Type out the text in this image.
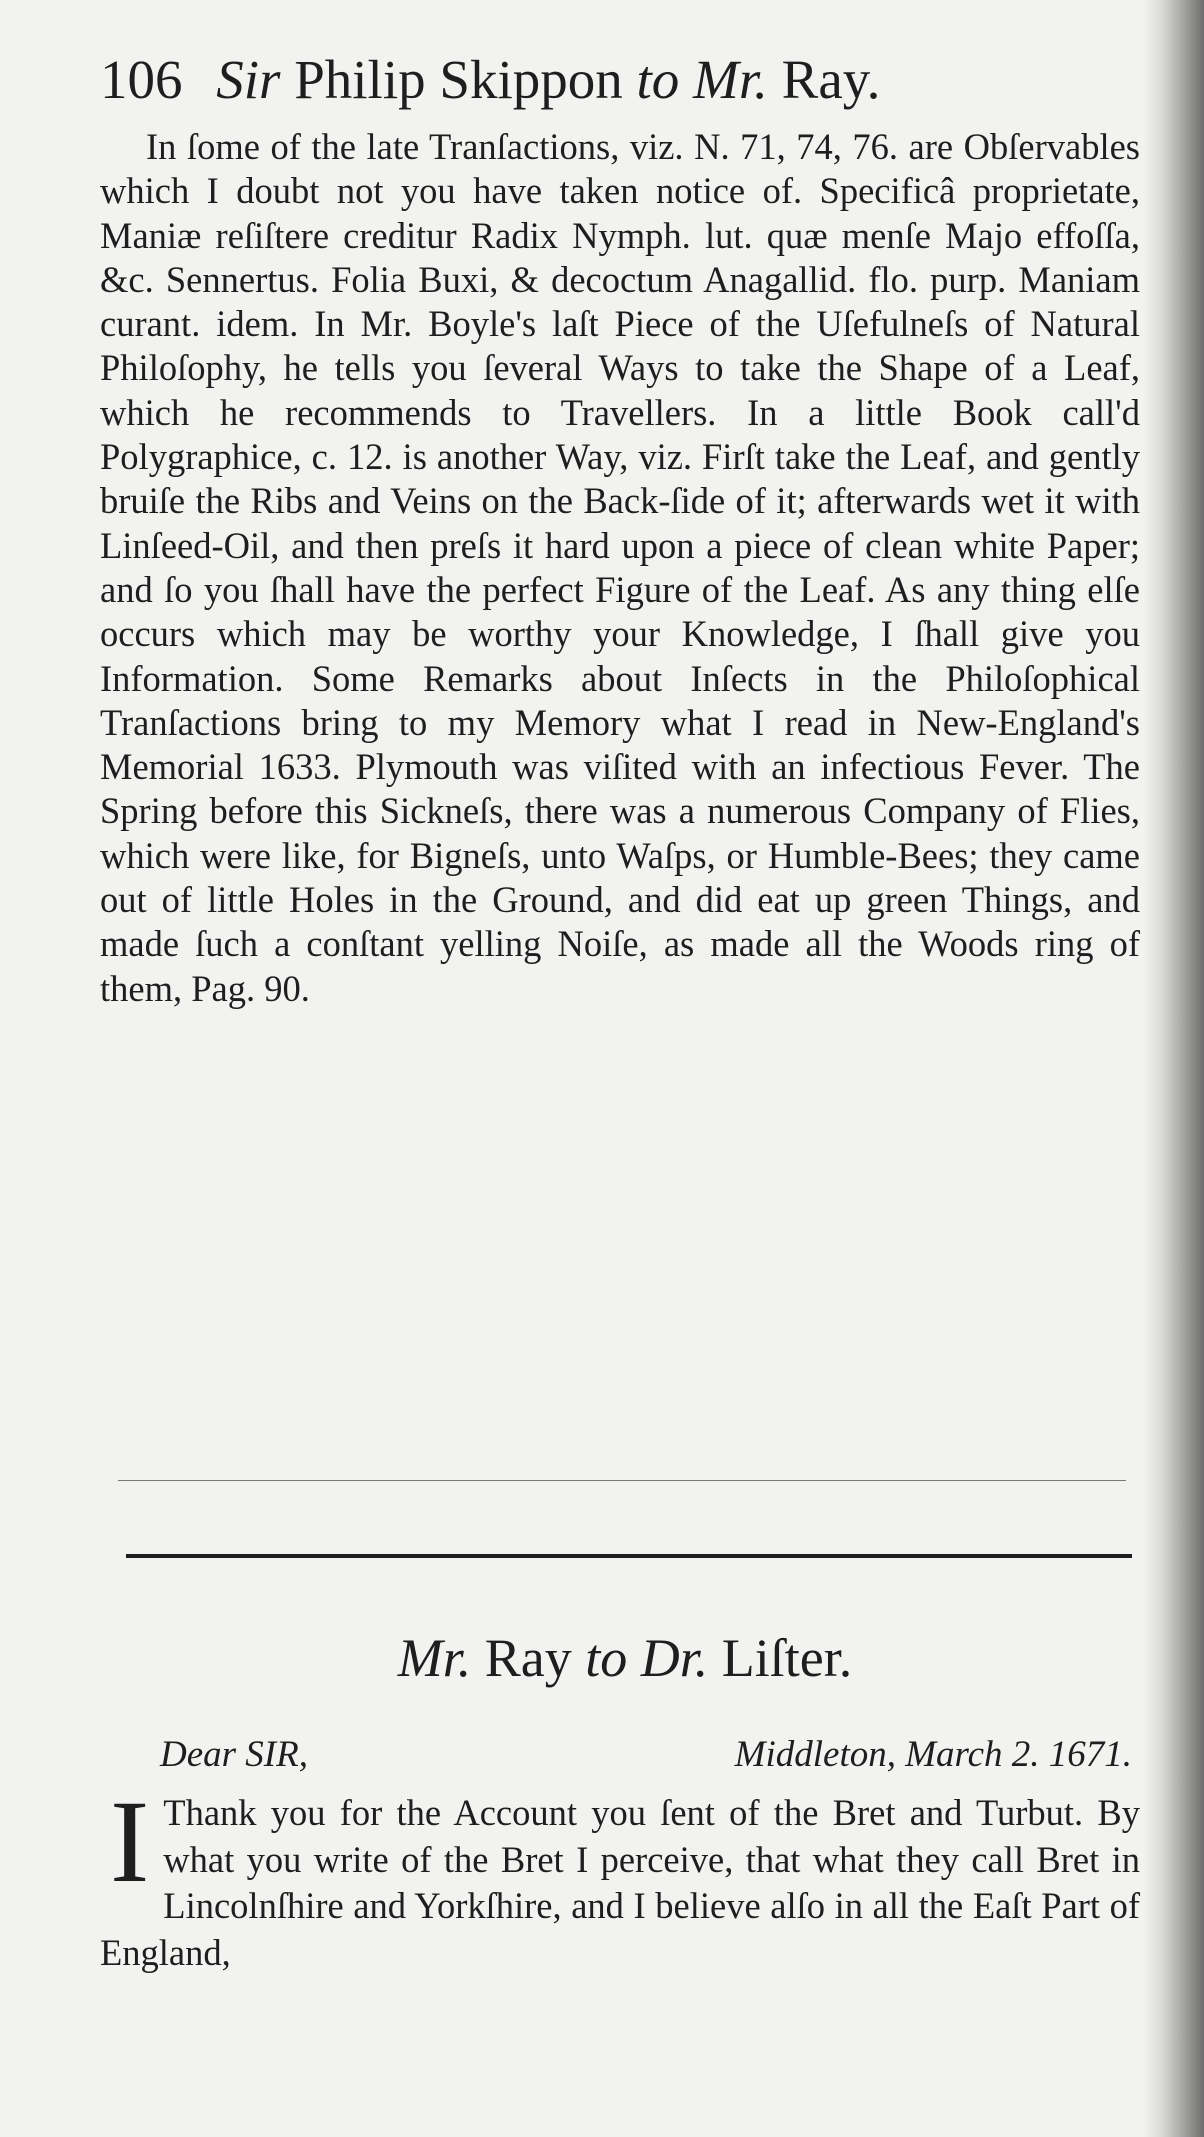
106 Sir Philip Skippon to Mr. Ray.

In ſome of the late Tranſactions, viz. N. 71, 74, 76. are Obſervables which I doubt not you have taken notice of. Specificâ proprietate, Maniæ reſiſtere creditur Radix Nymph. lut. quæ menſe Majo effoſſa, &c. Sennertus. Folia Buxi, & decoctum Anagallid. flo. purp. Maniam curant. idem. In Mr. Boyle's laſt Piece of the Uſefulneſs of Natural Philoſophy, he tells you ſeveral Ways to take the Shape of a Leaf, which he recommends to Travellers. In a little Book call'd Polygraphice, c. 12. is another Way, viz. Firſt take the Leaf, and gently bruiſe the Ribs and Veins on the Back-ſide of it; afterwards wet it with Linſeed-Oil, and then preſs it hard upon a piece of clean white Paper; and ſo you ſhall have the perfect Figure of the Leaf. As any thing elſe occurs which may be worthy your Knowledge, I ſhall give you Information. Some Remarks about Inſects in the Philoſophical Tranſactions bring to my Memory what I read in New-England's Memorial 1633. Plymouth was viſited with an infectious Fever. The Spring before this Sickneſs, there was a numerous Company of Flies, which were like, for Bigneſs, unto Waſps, or Humble-Bees; they came out of little Holes in the Ground, and did eat up green Things, and made ſuch a conſtant yelling Noiſe, as made all the Woods ring of them, Pag. 90.

Mr. Ray to Dr. Liſter.
Dear SIR,	Middleton, March 2. 1671.

I Thank you for the Account you ſent of the Bret and Turbut. By what you write of the Bret I perceive, that what they call Bret in Lincolnſhire and Yorkſhire, and I believe alſo in all the Eaſt Part of England,
